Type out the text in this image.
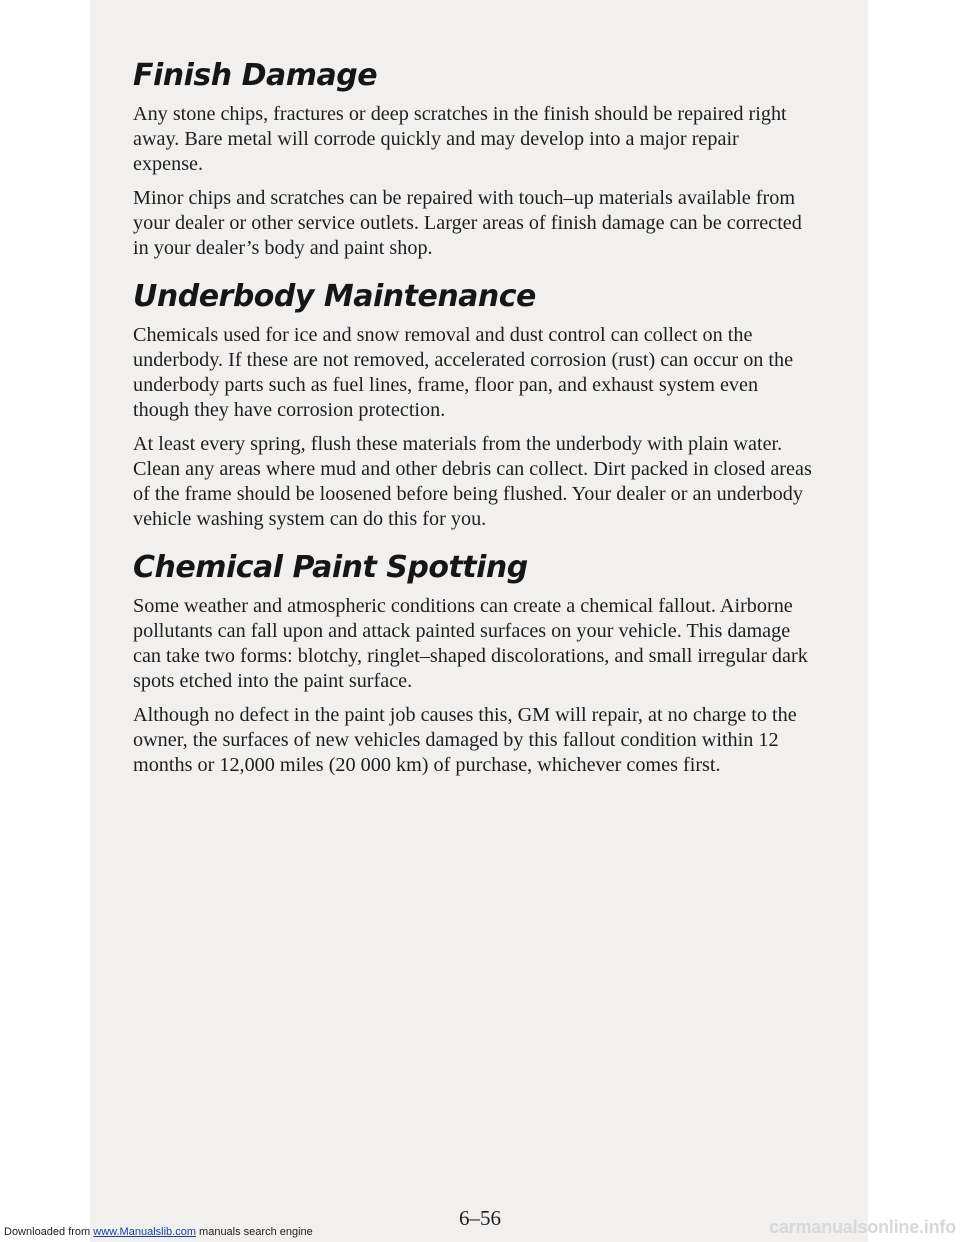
Finish Damage

Any stone chips, fractures or deep scratches in the finish should be repaired right away. Bare metal will corrode quickly and may develop into a major repair expense.

Minor chips and scratches can be repaired with touch–up materials available from your dealer or other service outlets. Larger areas of finish damage can be corrected in your dealer’s body and paint shop.

Underbody Maintenance

Chemicals used for ice and snow removal and dust control can collect on the underbody. If these are not removed, accelerated corrosion (rust) can occur on the underbody parts such as fuel lines, frame, floor pan, and exhaust system even though they have corrosion protection.

At least every spring, flush these materials from the underbody with plain water. Clean any areas where mud and other debris can collect. Dirt packed in closed areas of the frame should be loosened before being flushed. Your dealer or an underbody vehicle washing system can do this for you.

Chemical Paint Spotting

Some weather and atmospheric conditions can create a chemical fallout. Airborne pollutants can fall upon and attack painted surfaces on your vehicle. This damage can take two forms: blotchy, ringlet–shaped discolorations, and small irregular dark spots etched into the paint surface.

Although no defect in the paint job causes this, GM will repair, at no charge to the owner, the surfaces of new vehicles damaged by this fallout condition within 12 months or 12,000 miles (20 000 km) of purchase, whichever comes first.

6–56
Downloaded from www.Manualslib.com manuals search engine	carmanualsonline.info
